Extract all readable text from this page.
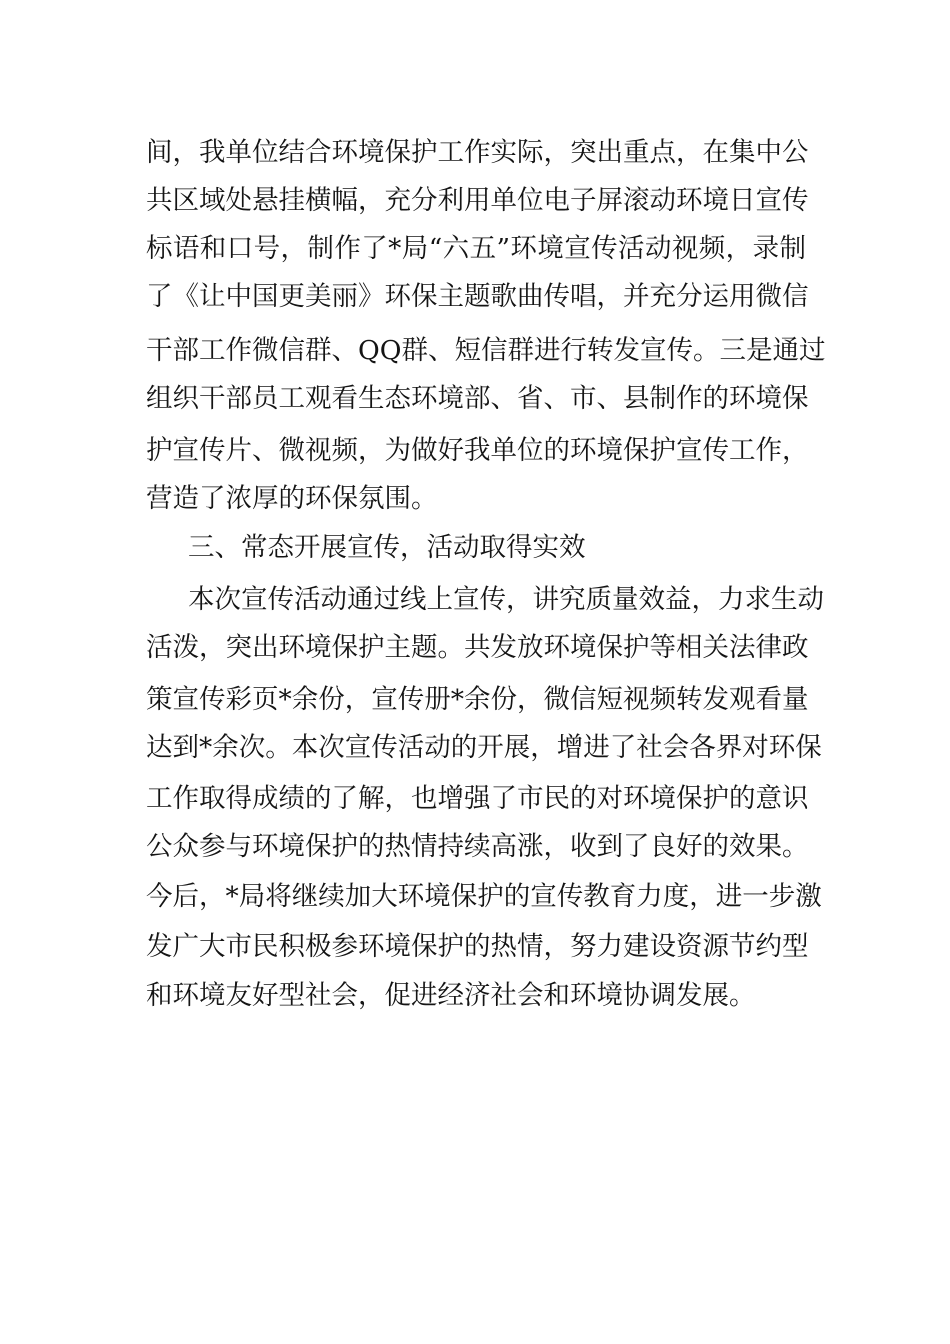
间，我单位结合环境保护工作实际，突出重点，在集中公
共区域处悬挂横幅，充分利用单位电子屏滚动环境日宣传
标语和口号，制作了*局“六五”环境宣传活动视频，录制
了《让中国更美丽》环保主题歌曲传唱，并充分运用微信
干部工作微信群、QQ群、短信群进行转发宣传。三是通过
组织干部员工观看生态环境部、省、市、县制作的环境保
护宣传片、微视频，为做好我单位的环境保护宣传工作，
营造了浓厚的环保氛围。
三、常态开展宣传，活动取得实效
本次宣传活动通过线上宣传，讲究质量效益，力求生动
活泼，突出环境保护主题。共发放环境保护等相关法律政
策宣传彩页*余份，宣传册*余份，微信短视频转发观看量
达到*余次。本次宣传活动的开展，增进了社会各界对环保
工作取得成绩的了解，也增强了市民的对环境保护的意识
公众参与环境保护的热情持续高涨，收到了良好的效果。
今后，*局将继续加大环境保护的宣传教育力度，进一步激
发广大市民积极参环境保护的热情，努力建设资源节约型
和环境友好型社会，促进经济社会和环境协调发展。
